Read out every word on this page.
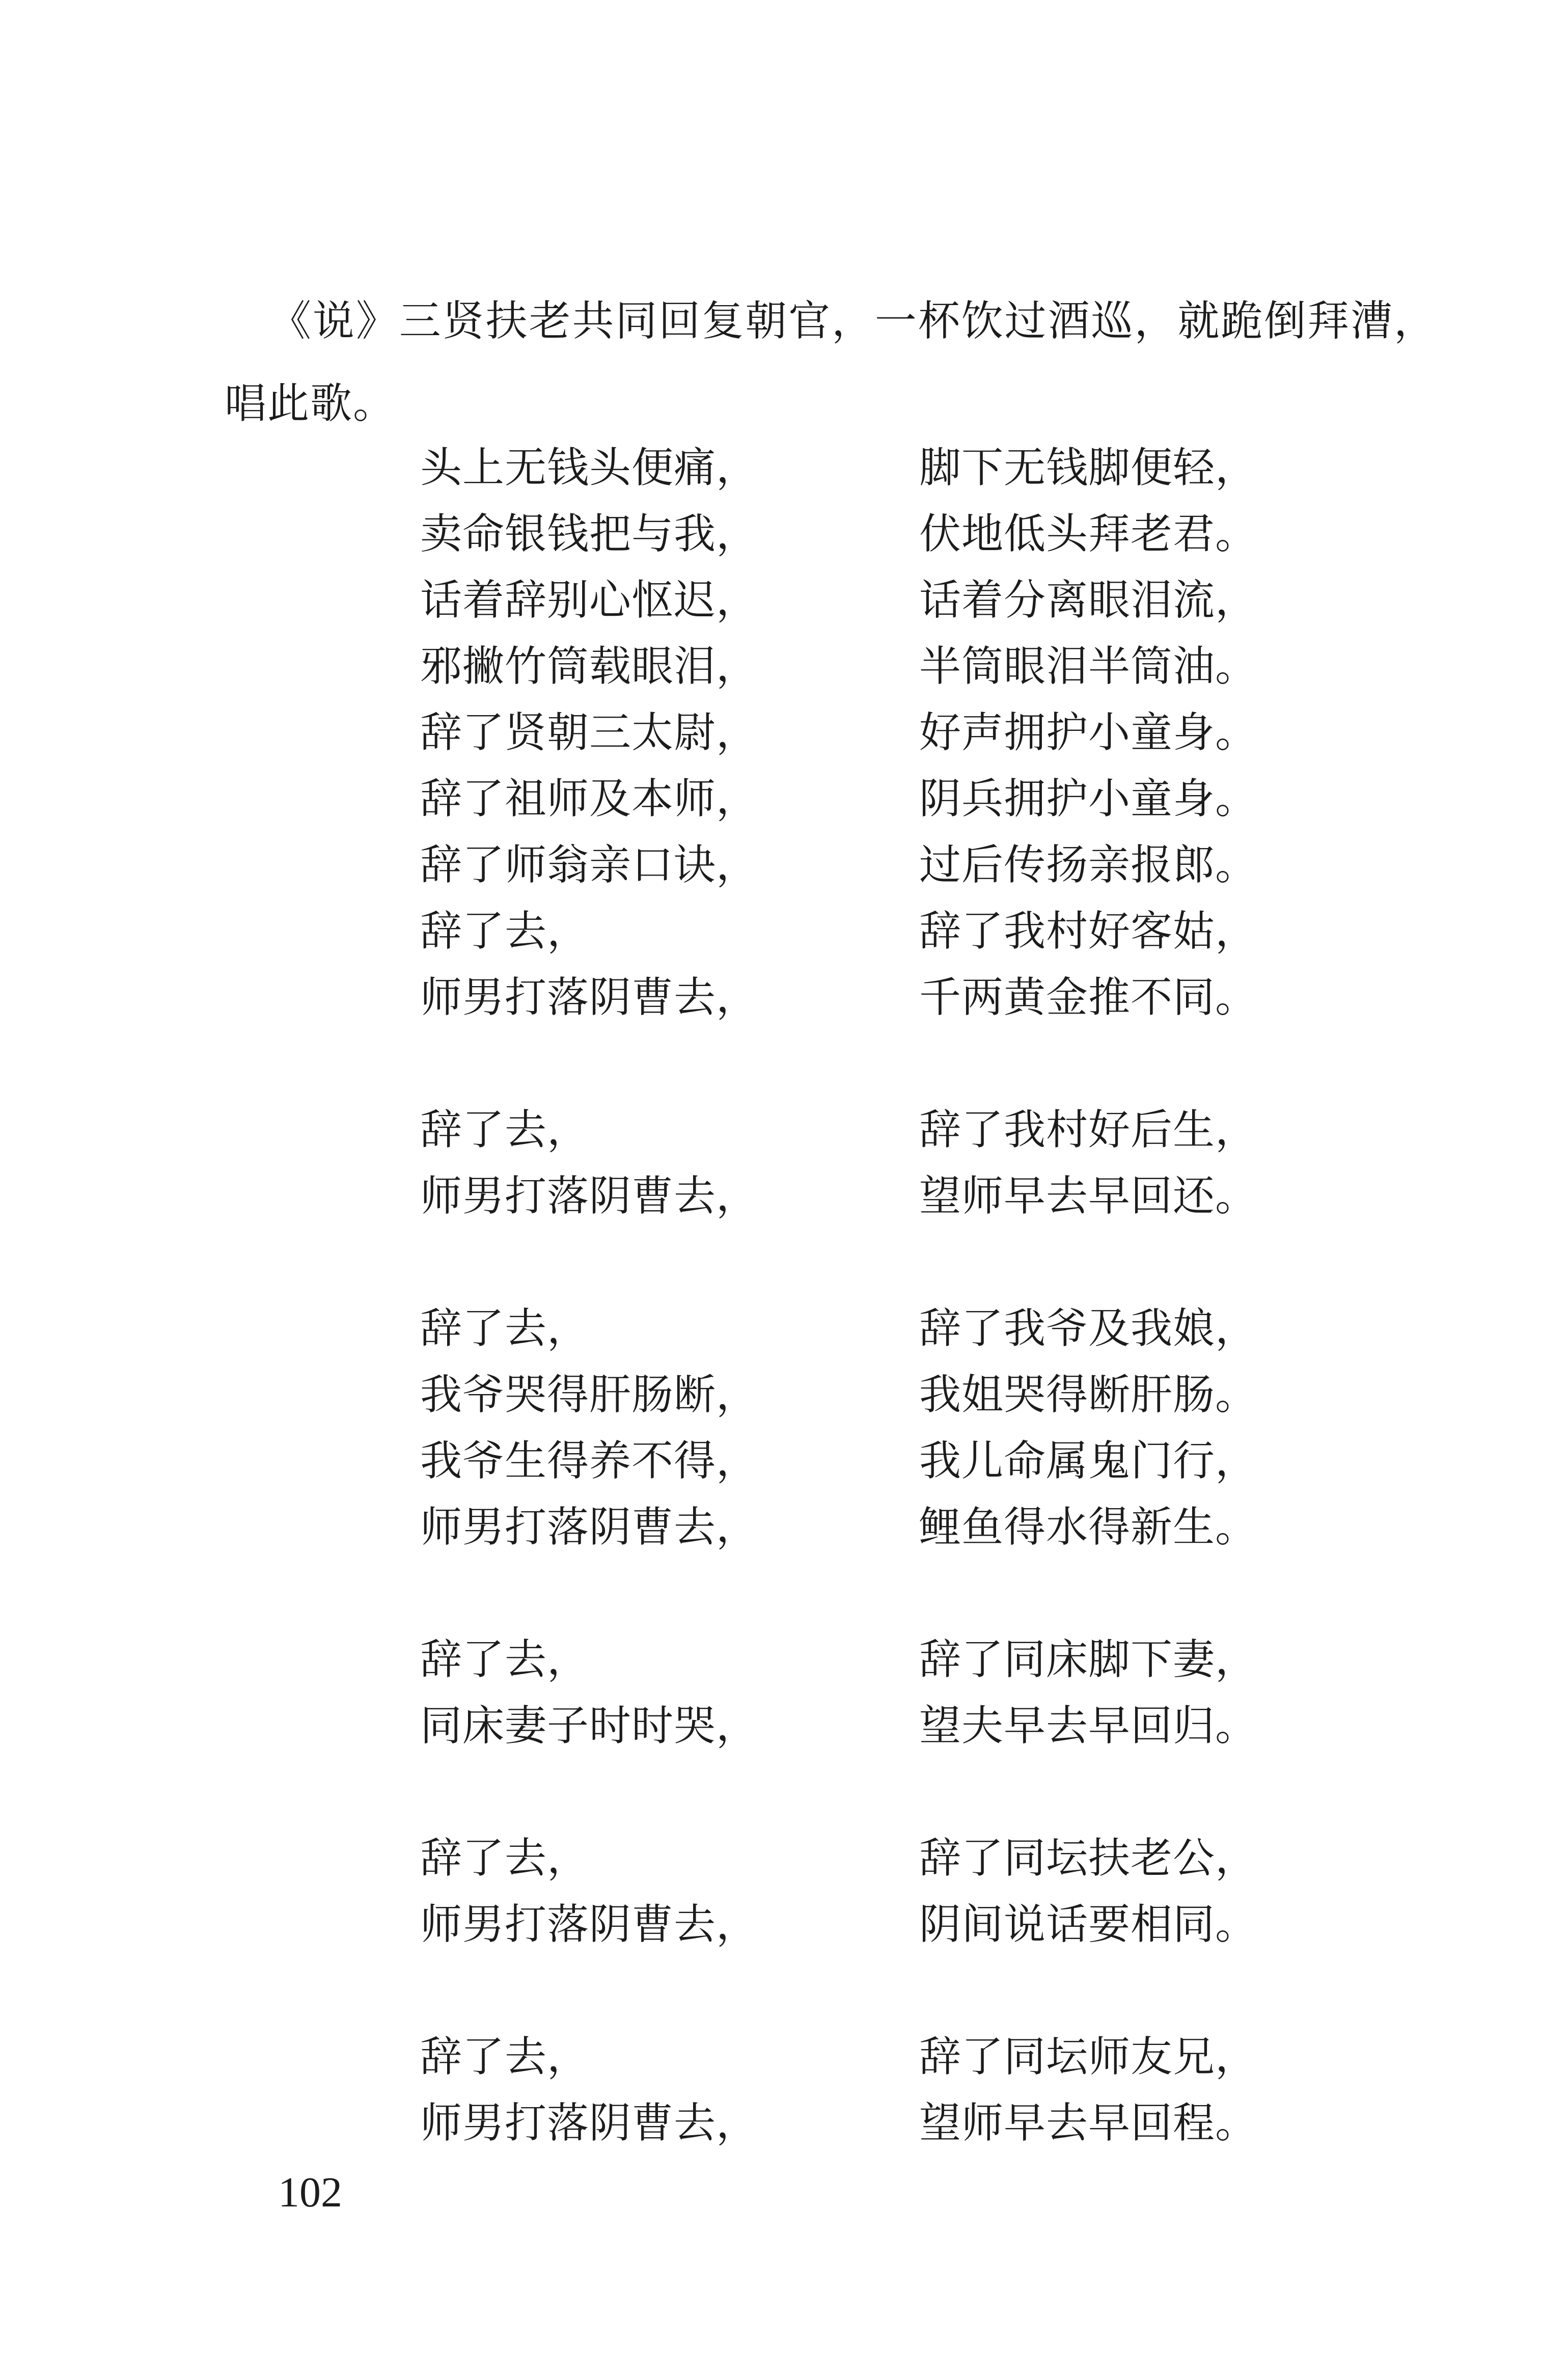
《说》三贤扶老共同回复朝官，一杯饮过酒巡，就跪倒拜漕，唱此歌。

头上无钱头便痛，	脚下无钱脚便轻，
卖命银钱把与我，	伏地低头拜老君。
话着辞别心怄迟，	话着分离眼泪流，
邪撇竹筒载眼泪，	半筒眼泪半筒油。
辞了贤朝三太尉，	好声拥护小童身。
辞了祖师及本师，	阴兵拥护小童身。
辞了师翁亲口诀，	过后传扬亲报郎。
辞了去，	辞了我村好客姑，
师男打落阴曹去，	千两黄金推不同。
辞了去，	辞了我村好后生，
师男打落阴曹去，	望师早去早回还。
辞了去，	辞了我爷及我娘，
我爷哭得肝肠断，	我姐哭得断肝肠。
我爷生得养不得，	我儿命属鬼门行，
师男打落阴曹去，	鲤鱼得水得新生。
辞了去，	辞了同床脚下妻，
同床妻子时时哭，	望夫早去早回归。
辞了去，	辞了同坛扶老公，
师男打落阴曹去，	阴间说话要相同。
辞了去，	辞了同坛师友兄，
师男打落阴曹去，	望师早去早回程。
102
